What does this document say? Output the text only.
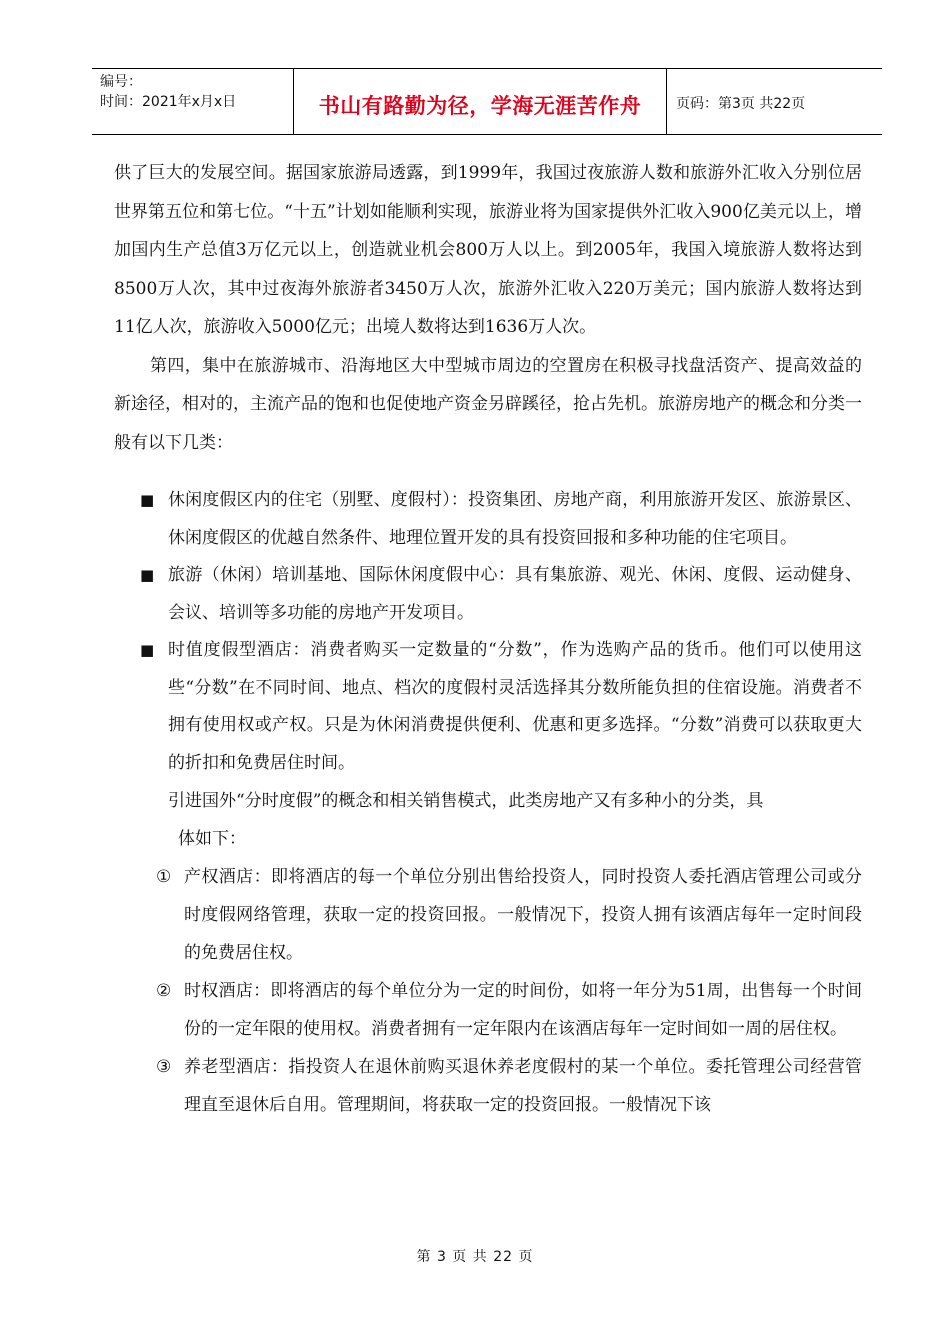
编号：
时间：2021年x月x日	书山有路勤为径，学海无涯苦作舟	页码：第3页 共22页

供了巨大的发展空间。据国家旅游局透露，到1999年，我国过夜旅游人数和旅游外汇收入分别位居世界第五位和第七位。“十五”计划如能顺利实现，旅游业将为国家提供外汇收入900亿美元以上，增加国内生产总值3万亿元以上，创造就业机会800万人以上。到2005年，我国入境旅游人数将达到8500万人次，其中过夜海外旅游者3450万人次，旅游外汇收入220万美元；国内旅游人数将达到11亿人次，旅游收入5000亿元；出境人数将达到1636万人次。

第四，集中在旅游城市、沿海地区大中型城市周边的空置房在积极寻找盘活资产、提高效益的新途径，相对的，主流产品的饱和也促使地产资金另辟蹊径，抢占先机。旅游房地产的概念和分类一般有以下几类：

■ 休闲度假区内的住宅（别墅、度假村）：投资集团、房地产商，利用旅游开发区、旅游景区、休闲度假区的优越自然条件、地理位置开发的具有投资回报和多种功能的住宅项目。
■ 旅游（休闲）培训基地、国际休闲度假中心：具有集旅游、观光、休闲、度假、运动健身、会议、培训等多功能的房地产开发项目。
■ 时值度假型酒店：消费者购买一定数量的“分数”，作为选购产品的货币。他们可以使用这些“分数”在不同时间、地点、档次的度假村灵活选择其分数所能负担的住宿设施。消费者不拥有使用权或产权。只是为休闲消费提供便利、优惠和更多选择。“分数”消费可以获取更大的折扣和免费居住时间。
引进国外“分时度假”的概念和相关销售模式，此类房地产又有多种小的分类，具
体如下：
① 产权酒店：即将酒店的每一个单位分别出售给投资人，同时投资人委托酒店管理公司或分时度假网络管理，获取一定的投资回报。一般情况下，投资人拥有该酒店每年一定时间段的免费居住权。
② 时权酒店：即将酒店的每个单位分为一定的时间份，如将一年分为51周，出售每一个时间份的一定年限的使用权。消费者拥有一定年限内在该酒店每年一定时间如一周的居住权。
③ 养老型酒店：指投资人在退休前购买退休养老度假村的某一个单位。委托管理公司经营管理直至退休后自用。管理期间，将获取一定的投资回报。一般情况下该
第 3 页 共 22 页
